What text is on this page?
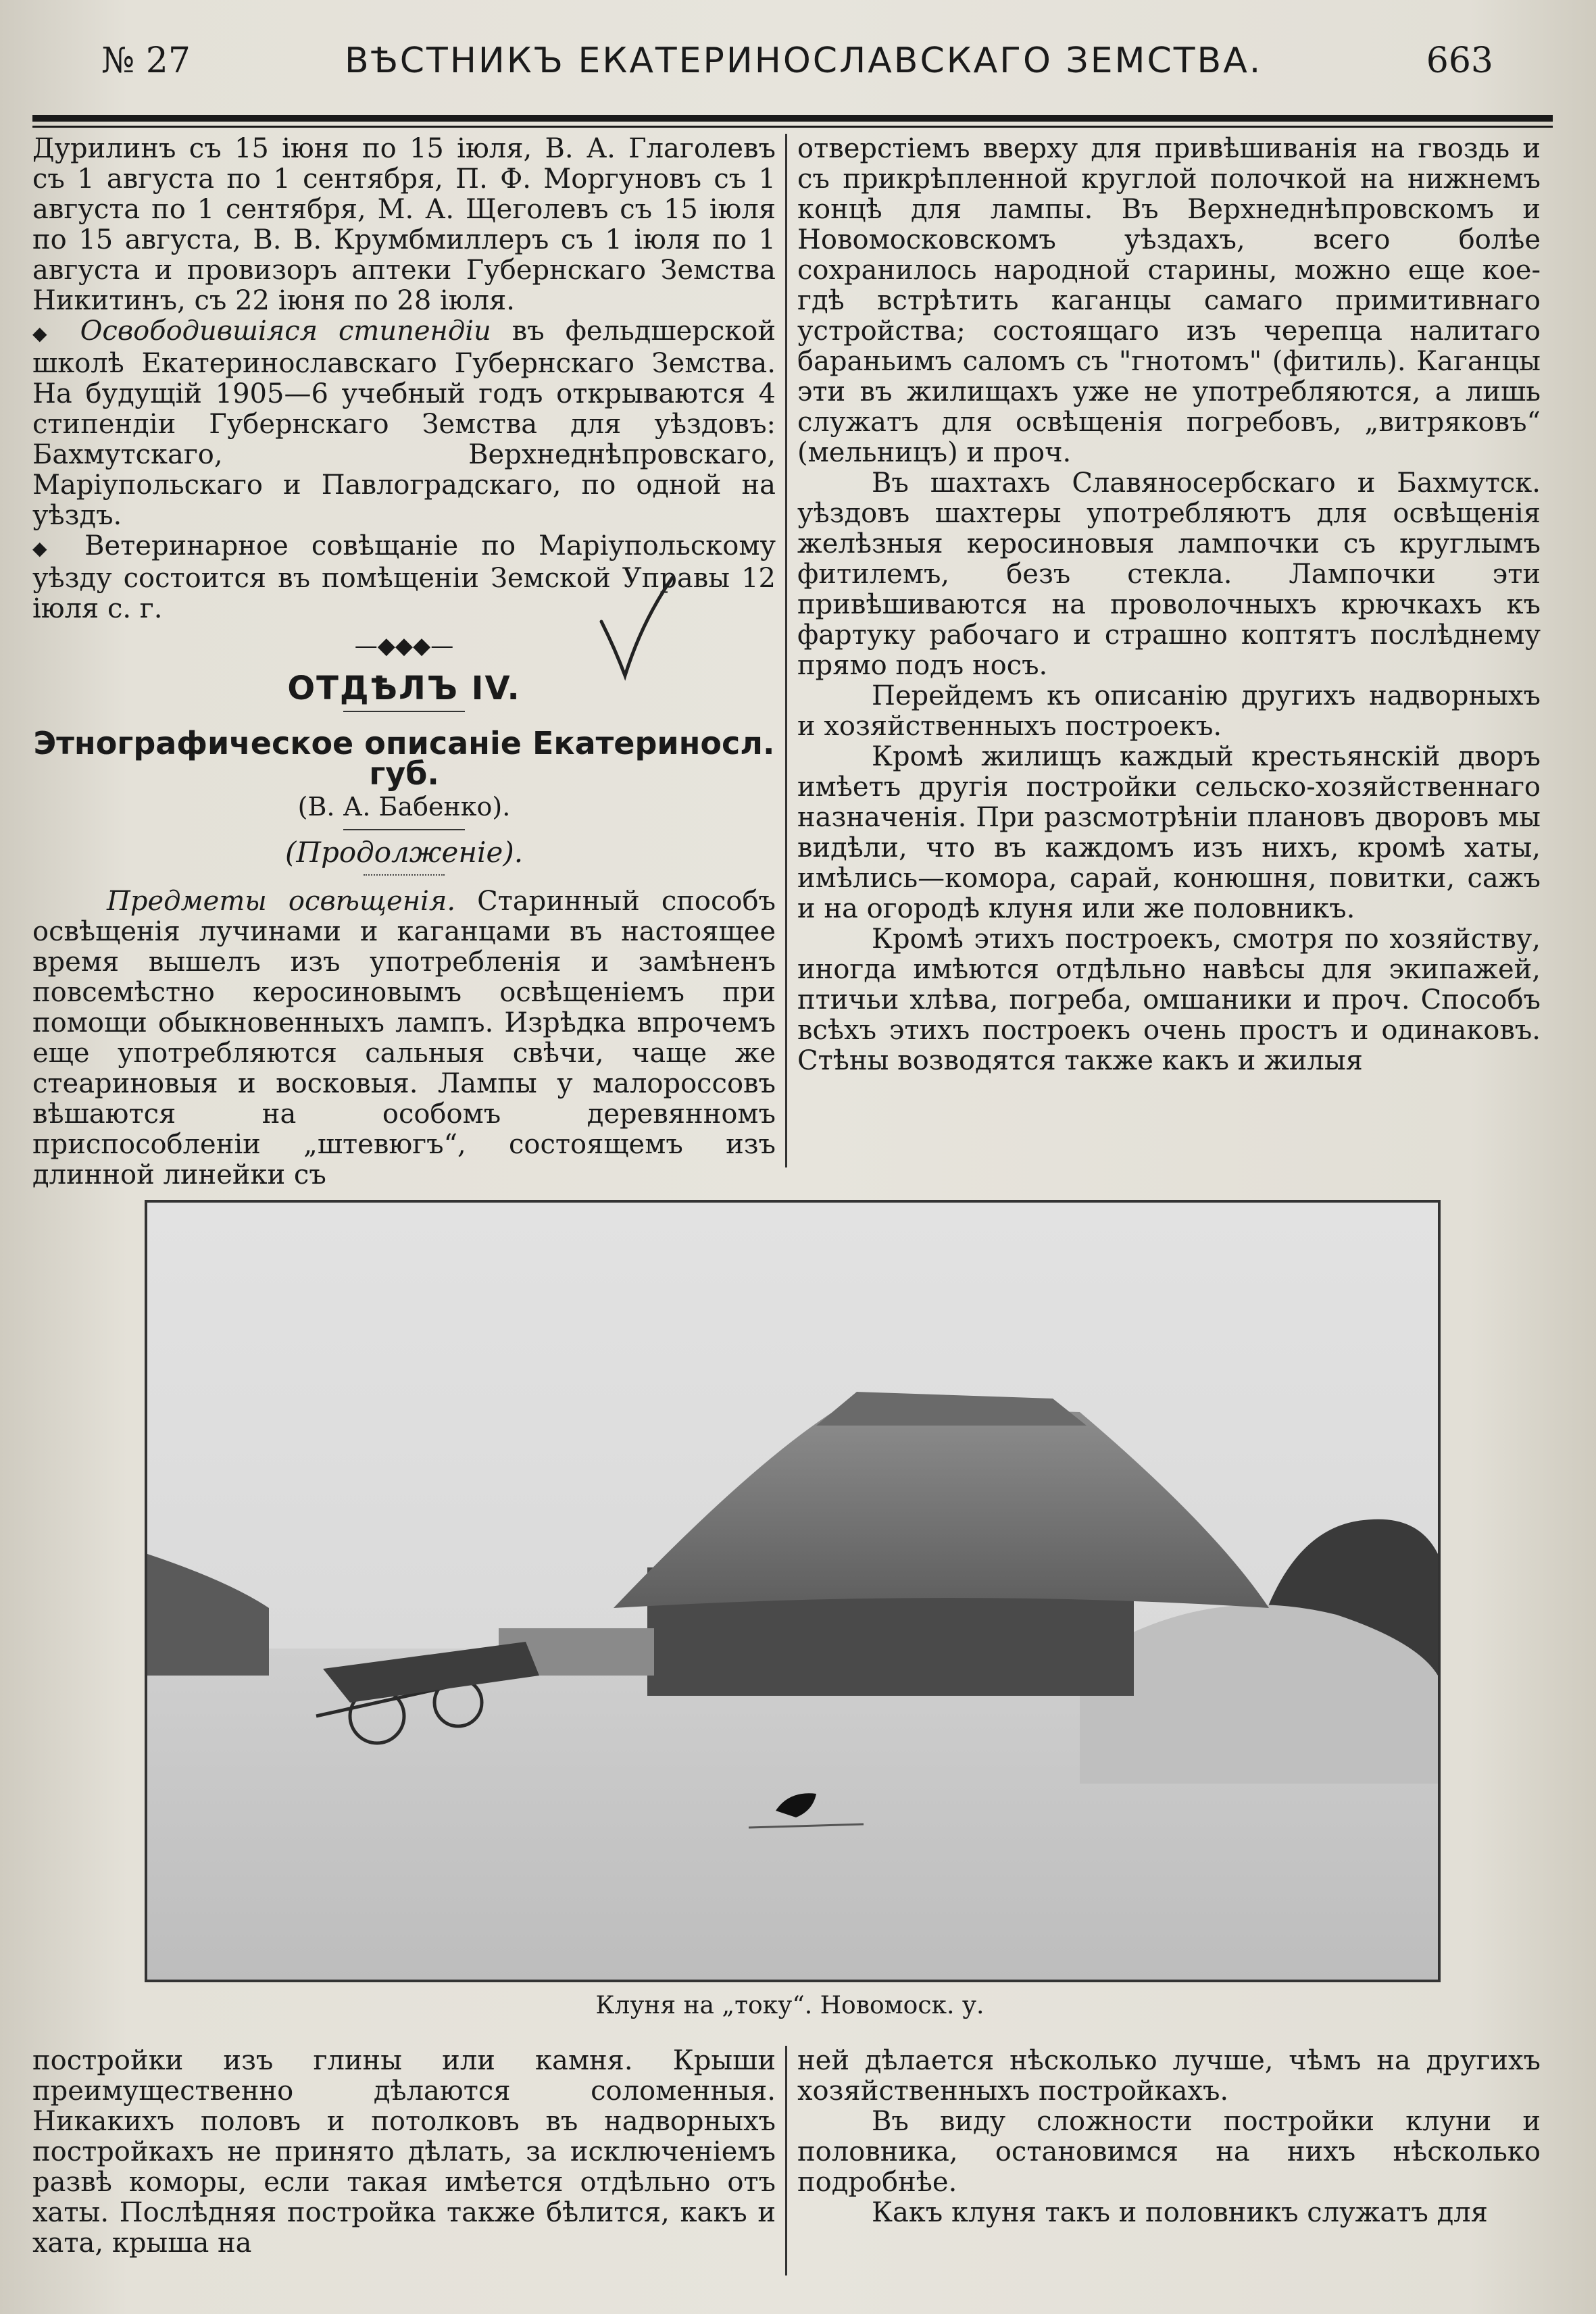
№ 27	ВѢСТНИКЪ ЕКАТЕРИНОСЛАВСКАГО ЗЕМСТВА.	663

Дурилинъ съ 15 іюня по 15 іюля, В. А. Глаголевъ съ 1 августа по 1 сентября, П. Ф. Моргуновъ съ 1 августа по 1 сентября, М. А. Щеголевъ съ 15 іюля по 15 августа, В. В. Крумбмиллеръ съ 1 іюля по 1 августа и провизоръ аптеки Губернскаго Земства Никитинъ, съ 22 іюня по 28 іюля.

◆ Освободившіяся стипендіи въ фельдшерской школѣ Екатеринославскаго Губернскаго Земства. На будущій 1905—6 учебный годъ открываются 4 стипендіи Губернскаго Земства для уѣздовъ: Бахмутскаго, Верхнеднѣпровскаго, Маріупольскаго и Павлоградскаго, по одной на уѣздъ.

◆ Ветеринарное совѣщаніе по Маріупольскому уѣзду состоится въ помѣщеніи Земской Управы 12 іюля с. г.

—◆◆◆—
ОТДѢЛЪ IV.
Этнографическое описаніе Екатериносл. губ.
(В. А. Бабенко).
(Продолженіе).

Предметы освѣщенія. Старинный способъ освѣщенія лучинами и каганцами въ настоящее время вышелъ изъ употребленія и замѣненъ повсемѣстно керосиновымъ освѣщеніемъ при помощи обыкновенныхъ лампъ. Изрѣдка впрочемъ еще употребляются сальныя свѣчи, чаще же стеариновыя и восковыя. Лампы у малороссовъ вѣшаются на особомъ деревянномъ приспособленіи „штевюгъ“, состоящемъ изъ длинной линейки съ

отверстіемъ вверху для привѣшиванія на гвоздь и съ прикрѣпленной круглой полочкой на нижнемъ концѣ для лампы. Въ Верхнеднѣпровскомъ и Новомосковскомъ уѣздахъ, всего болѣе сохранилось народной старины, можно еще кое-гдѣ встрѣтить каганцы самаго примитивнаго устройства; состоящаго изъ черепца налитаго бараньимъ саломъ съ "гнотомъ" (фитиль). Каганцы эти въ жилищахъ уже не употребляются, а лишь служатъ для освѣщенія погребовъ, „витряковъ“ (мельницъ) и проч.

Въ шахтахъ Славяносербскаго и Бахмутск. уѣздовъ шахтеры употребляютъ для освѣщенія желѣзныя керосиновыя лампочки съ круглымъ фитилемъ, безъ стекла. Лампочки эти привѣшиваются на проволочныхъ крючкахъ къ фартуку рабочаго и страшно коптятъ послѣднему прямо подъ носъ.

Перейдемъ къ описанію другихъ надворныхъ и хозяйственныхъ построекъ.

Кромѣ жилищъ каждый крестьянскій дворъ имѣетъ другія постройки сельско-хозяйственнаго назначенія. При разсмотрѣніи плановъ дворовъ мы видѣли, что въ каждомъ изъ нихъ, кромѣ хаты, имѣлись—комора, сарай, конюшня, повитки, сажъ и на огородѣ клуня или же половникъ.

Кромѣ этихъ построекъ, смотря по хозяйству, иногда имѣются отдѣльно навѣсы для экипажей, птичьи хлѣва, погреба, омшаники и проч. Способъ всѣхъ этихъ построекъ очень простъ и одинаковъ. Стѣны возводятся также какъ и жилыя

Клуня на „току“. Новомоск. у.

постройки изъ глины или камня. Крыши преимущественно дѣлаются соломенныя. Никакихъ половъ и потолковъ въ надворныхъ постройкахъ не принято дѣлать, за исключеніемъ развѣ коморы, если такая имѣется отдѣльно отъ хаты. Послѣдняя постройка также бѣлится, какъ и хата, крыша на

ней дѣлается нѣсколько лучше, чѣмъ на другихъ хозяйственныхъ постройкахъ.

Въ виду сложности постройки клуни и половника, остановимся на нихъ нѣсколько подробнѣе.

Какъ клуня такъ и половникъ служатъ для
